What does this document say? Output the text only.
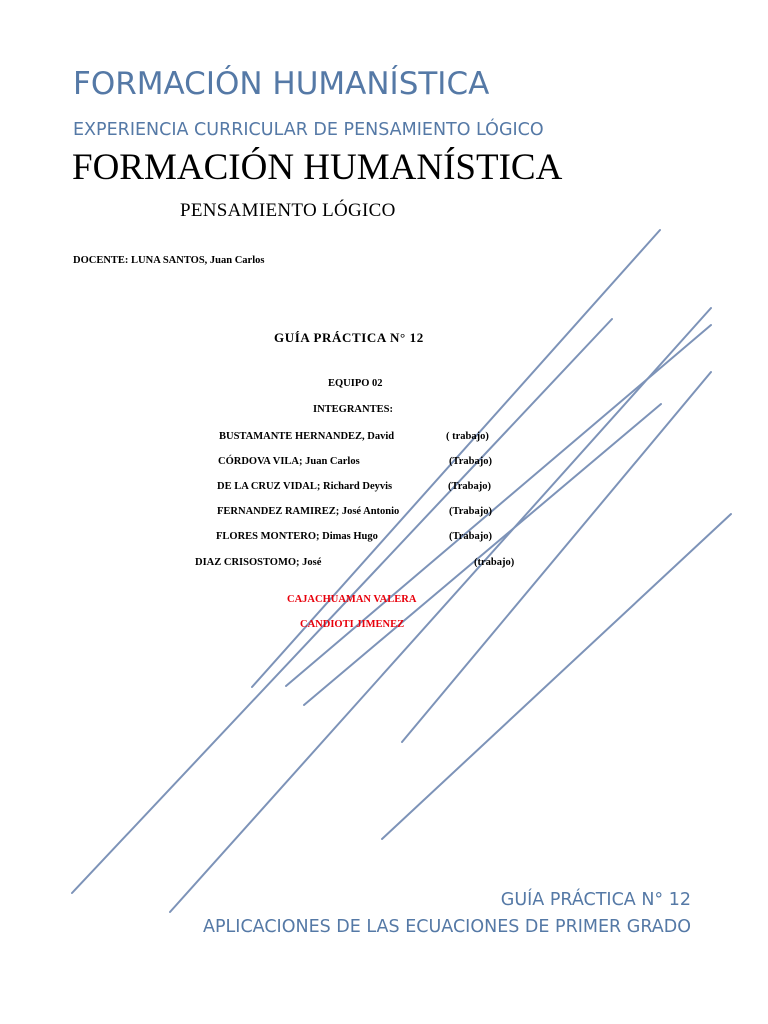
FORMACIÓN HUMANÍSTICA
EXPERIENCIA CURRICULAR DE PENSAMIENTO LÓGICO
FORMACIÓN HUMANÍSTICA
PENSAMIENTO LÓGICO
DOCENTE: LUNA SANTOS, Juan Carlos
GUÍA PRÁCTICA N° 12
EQUIPO 02
INTEGRANTES:
BUSTAMANTE HERNANDEZ, David	( trabajo)
CÓRDOVA VILA; Juan Carlos	(Trabajo)
DE LA CRUZ VIDAL; Richard Deyvis	(Trabajo)
FERNANDEZ RAMIREZ; José Antonio	(Trabajo)
FLORES MONTERO; Dimas Hugo	(Trabajo)
DIAZ CRISOSTOMO; José	(trabajo)
CAJACHUAMAN VALERA
CANDIOTI JIMENEZ
GUÍA PRÁCTICA N° 12
APLICACIONES DE LAS ECUACIONES DE PRIMER GRADO
